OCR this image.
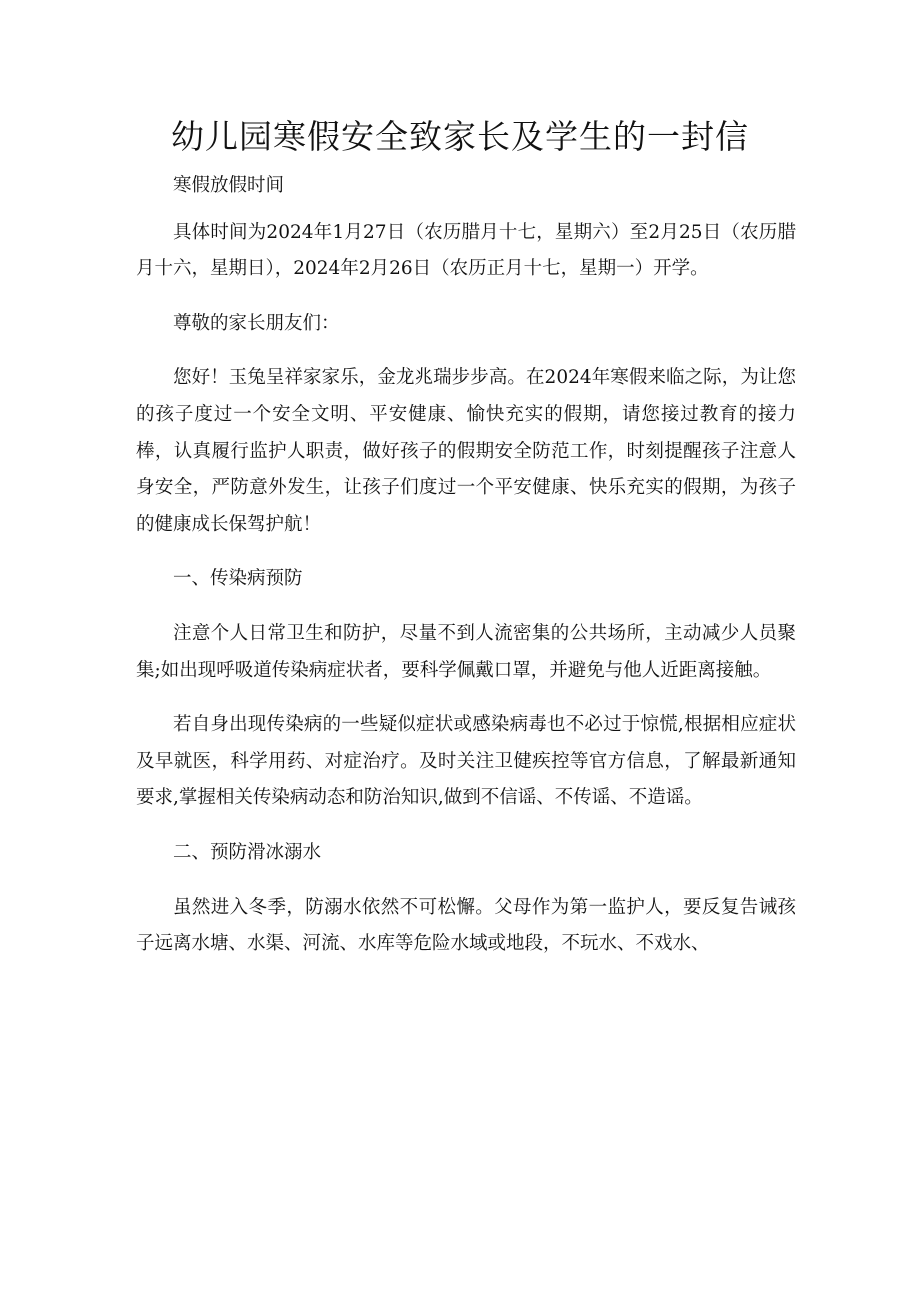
幼儿园寒假安全致家长及学生的一封信

寒假放假时间

具体时间为2024年1月27日（农历腊月十七，星期六）至2月25日（农历腊月十六，星期日），2024年2月26日（农历正月十七，星期一）开学。

尊敬的家长朋友们：

您好！玉兔呈祥家家乐，金龙兆瑞步步高。在2024年寒假来临之际，为让您的孩子度过一个安全文明、平安健康、愉快充实的假期，请您接过教育的接力棒，认真履行监护人职责，做好孩子的假期安全防范工作，时刻提醒孩子注意人身安全，严防意外发生，让孩子们度过一个平安健康、快乐充实的假期，为孩子的健康成长保驾护航！

一、传染病预防

注意个人日常卫生和防护，尽量不到人流密集的公共场所，主动减少人员聚集;如出现呼吸道传染病症状者，要科学佩戴口罩，并避免与他人近距离接触。

若自身出现传染病的一些疑似症状或感染病毒也不必过于惊慌,根据相应症状及早就医，科学用药、对症治疗。及时关注卫健疾控等官方信息，了解最新通知要求,掌握相关传染病动态和防治知识,做到不信谣、不传谣、不造谣。

二、预防滑冰溺水

虽然进入冬季，防溺水依然不可松懈。父母作为第一监护人，要反复告诫孩子远离水塘、水渠、河流、水库等危险水域或地段，不玩水、不戏水、
